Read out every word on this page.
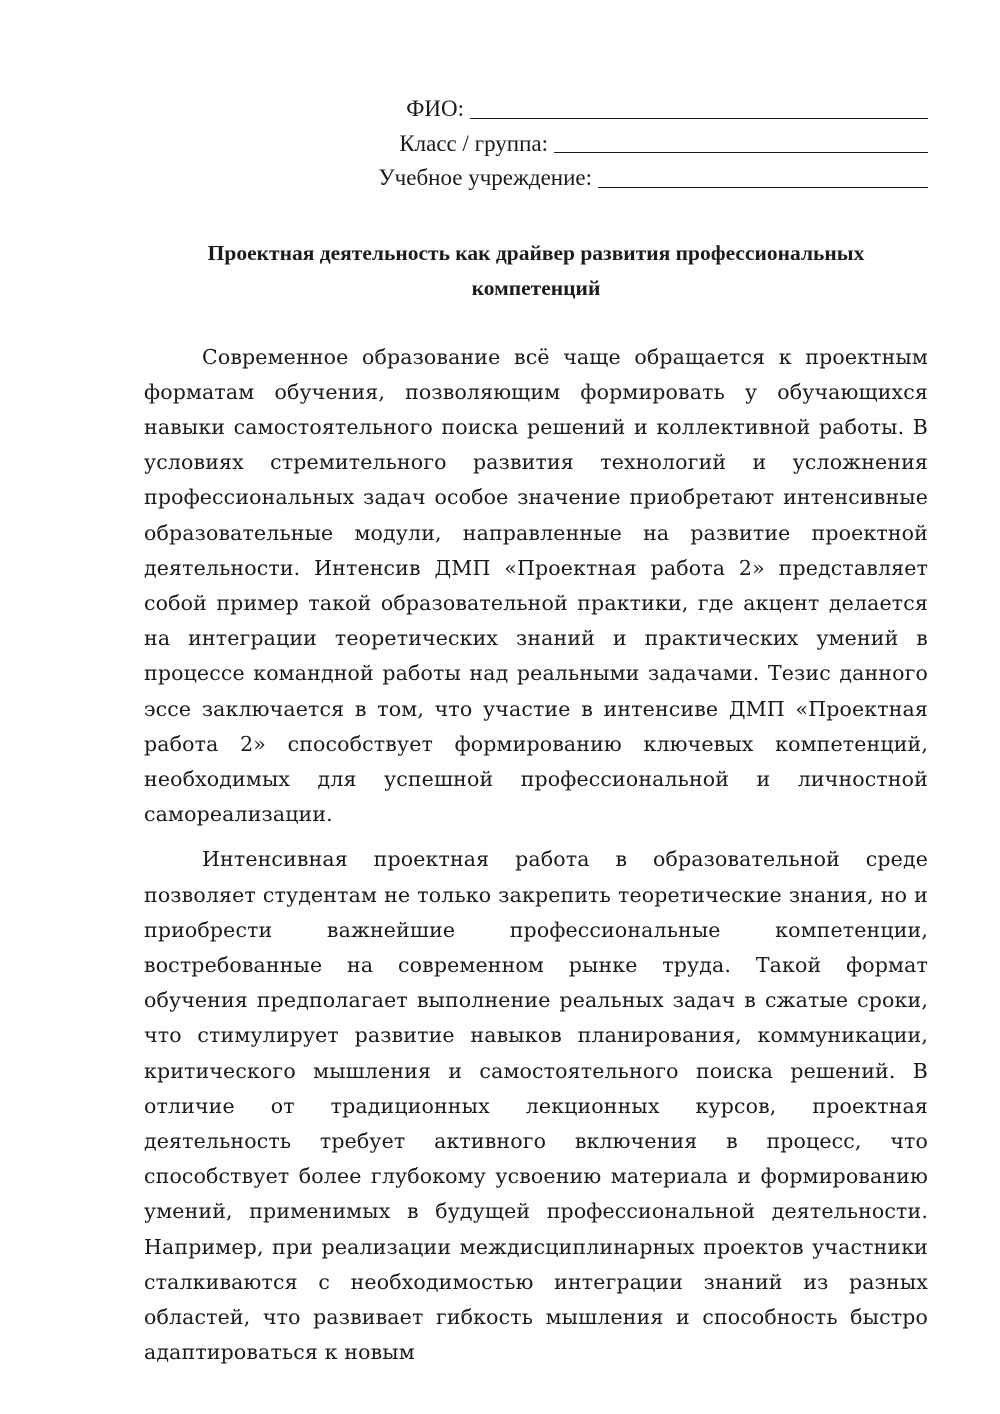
ФИО:
Класс / группа:
Учебное учреждение:
Проектная деятельность как драйвер развития профессиональных компетенций

Современное образование всё чаще обращается к проектным форматам обучения, позволяющим формировать у обучающихся навыки самостоятельного поиска решений и коллективной работы. В условиях стремительного развития технологий и усложнения профессиональных задач особое значение приобретают интенсивные образовательные модули, направленные на развитие проектной деятельности. Интенсив ДМП «Проектная работа 2» представляет собой пример такой образовательной практики, где акцент делается на интеграции теоретических знаний и практических умений в процессе командной работы над реальными задачами. Тезис данного эссе заключается в том, что участие в интенсиве ДМП «Проектная работа 2» способствует формированию ключевых компетенций, необходимых для успешной профессиональной и личностной самореализации.

Интенсивная проектная работа в образовательной среде позволяет студентам не только закрепить теоретические знания, но и приобрести важнейшие профессиональные компетенции, востребованные на современном рынке труда. Такой формат обучения предполагает выполнение реальных задач в сжатые сроки, что стимулирует развитие навыков планирования, коммуникации, критического мышления и самостоятельного поиска решений. В отличие от традиционных лекционных курсов, проектная деятельность требует активного включения в процесс, что способствует более глубокому усвоению материала и формированию умений, применимых в будущей профессиональной деятельности. Например, при реализации междисциплинарных проектов участники сталкиваются с необходимостью интеграции знаний из разных областей, что развивает гибкость мышления и способность быстро адаптироваться к новым
